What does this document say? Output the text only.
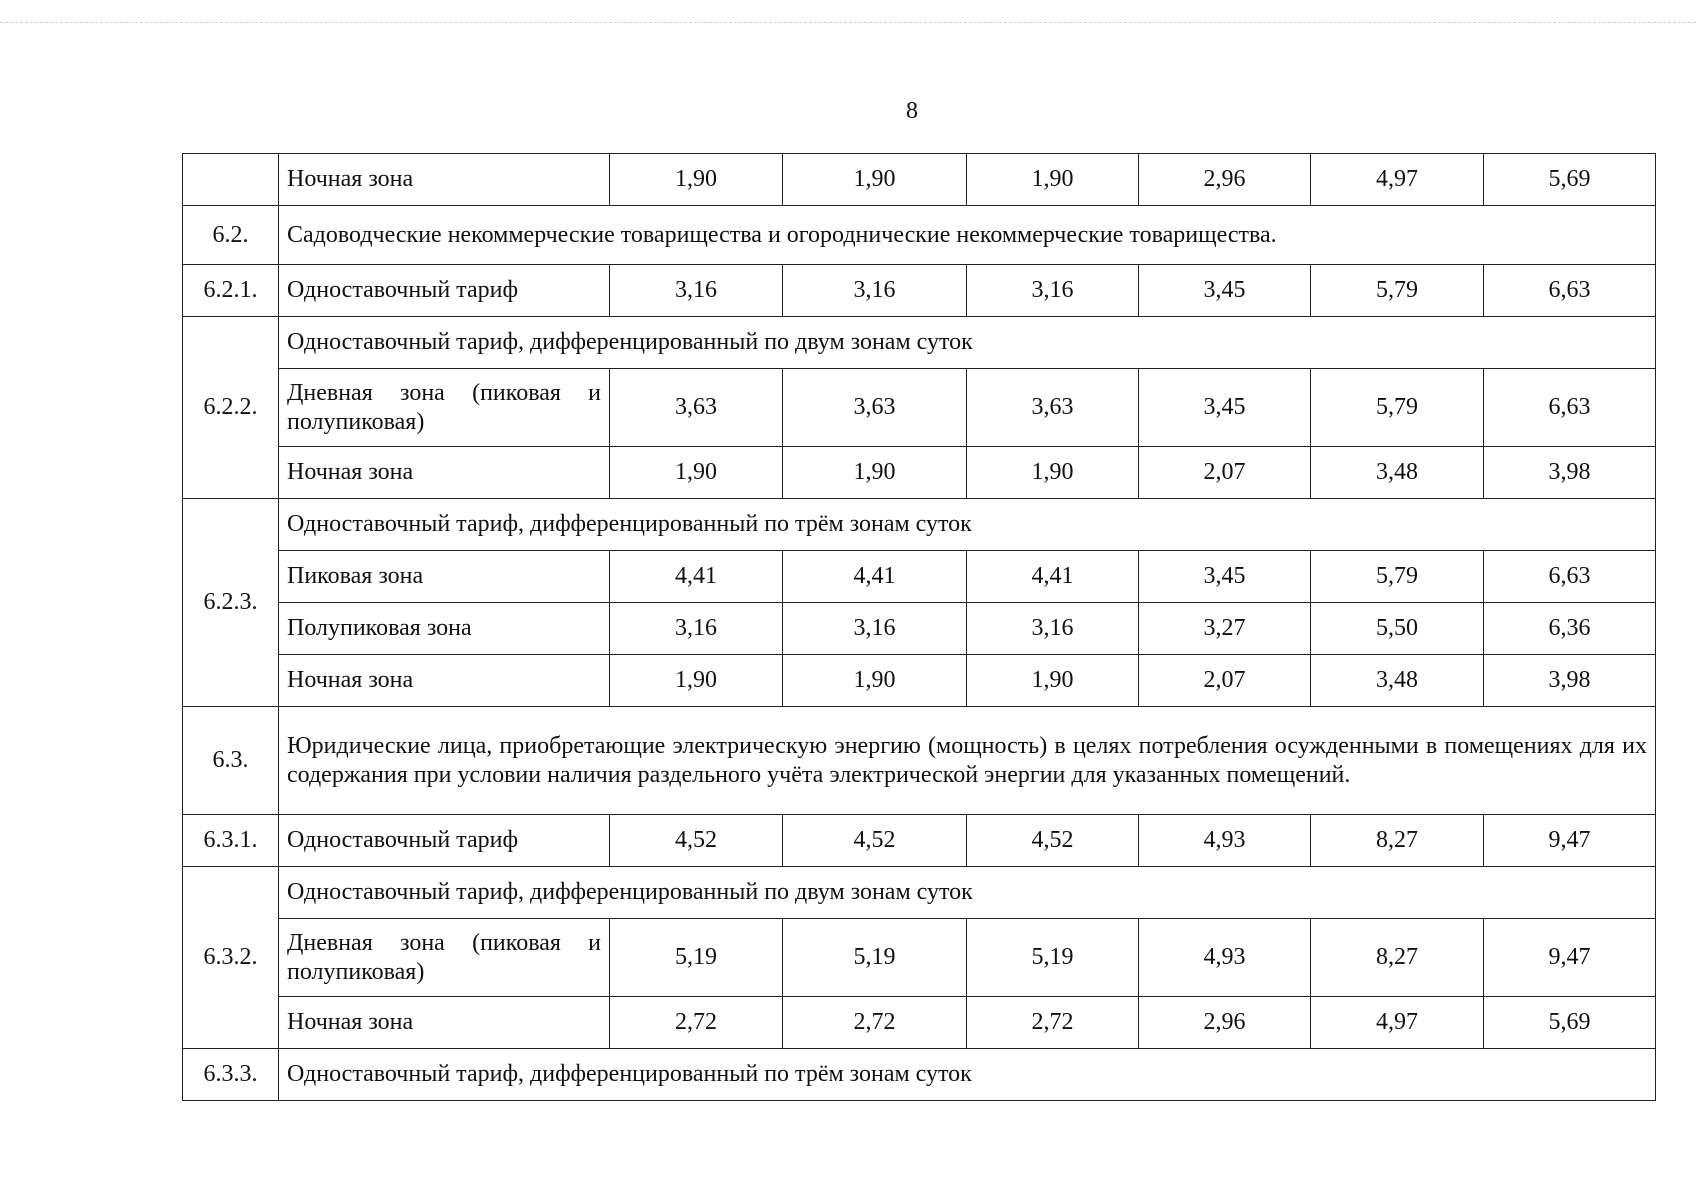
8
	Ночная зона	1,90	1,90	1,90	2,96	4,97	5,69
6.2.	Садоводческие некоммерческие товарищества и огороднические некоммерческие товарищества.						
6.2.1.	Одноставочный тариф	3,16	3,16	3,16	3,45	5,79	6,63
6.2.2.	Одноставочный тариф, дифференцированный по двум зонам суток						
	Дневная зона (пиковая и полупиковая)	3,63	3,63	3,63	3,45	5,79	6,63
	Ночная зона	1,90	1,90	1,90	2,07	3,48	3,98
6.2.3.	Одноставочный тариф, дифференцированный по трём зонам суток						
	Пиковая зона	4,41	4,41	4,41	3,45	5,79	6,63
	Полупиковая зона	3,16	3,16	3,16	3,27	5,50	6,36
	Ночная зона	1,90	1,90	1,90	2,07	3,48	3,98
6.3.	Юридические лица, приобретающие электрическую энергию (мощность) в целях потребления осужденными в помещениях для их содержания при условии наличия раздельного учёта электрической энергии для указанных помещений.						
6.3.1.	Одноставочный тариф	4,52	4,52	4,52	4,93	8,27	9,47
6.3.2.	Одноставочный тариф, дифференцированный по двум зонам суток						
	Дневная зона (пиковая и полупиковая)	5,19	5,19	5,19	4,93	8,27	9,47
	Ночная зона	2,72	2,72	2,72	2,96	4,97	5,69
6.3.3.	Одноставочный тариф, дифференцированный по трём зонам суток						
